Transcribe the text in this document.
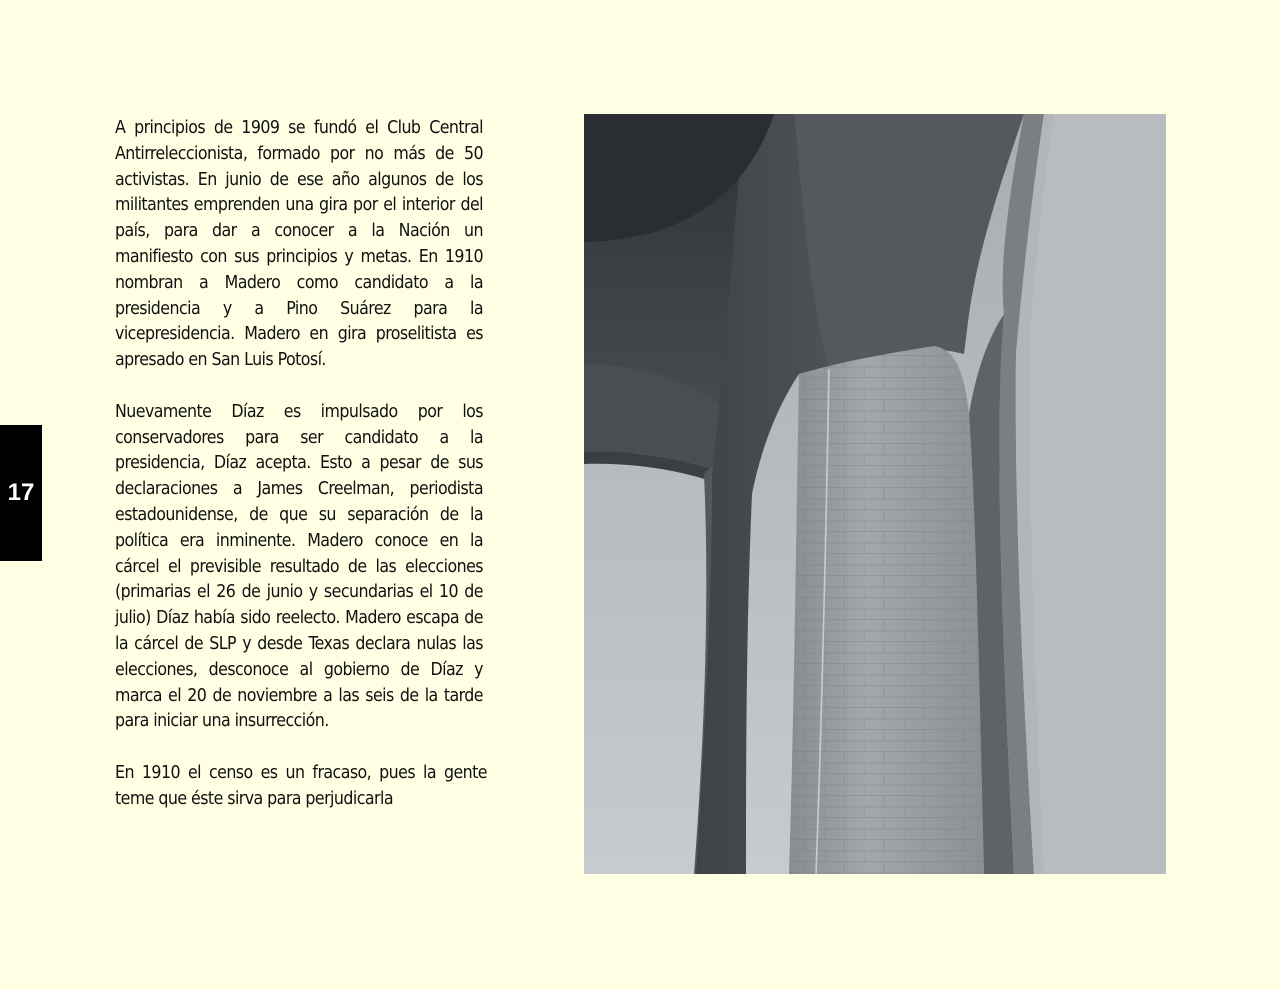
17

A principios de 1909 se fundó el Club Central Antirreleccionista, formado por no más de 50 activistas. En junio de ese año algunos de los militantes emprenden una gira por el interior del país, para dar a conocer a la Nación un manifiesto con sus principios y metas. En 1910 nombran a Madero como candidato a la presidencia y a Pino Suárez para la vicepresidencia. Madero en gira proselitista es apresado en San Luis Potosí.

Nuevamente Díaz es impulsado por los conservadores para ser candidato a la presidencia, Díaz acepta. Esto a pesar de sus declaraciones a James Creelman, periodista estadounidense, de que su separación de la política era inminente. Madero conoce en la cárcel el previsible resultado de las elecciones (primarias el 26 de junio y secundarias el 10 de julio) Díaz había sido reelecto. Madero escapa de la cárcel de SLP y desde Texas declara nulas las elecciones, desconoce al gobierno de Díaz y marca el 20 de noviembre a las seis de la tarde para iniciar una insurrección.

En 1910 el censo es un fracaso, pues la gente teme que éste sirva para perjudicarla
